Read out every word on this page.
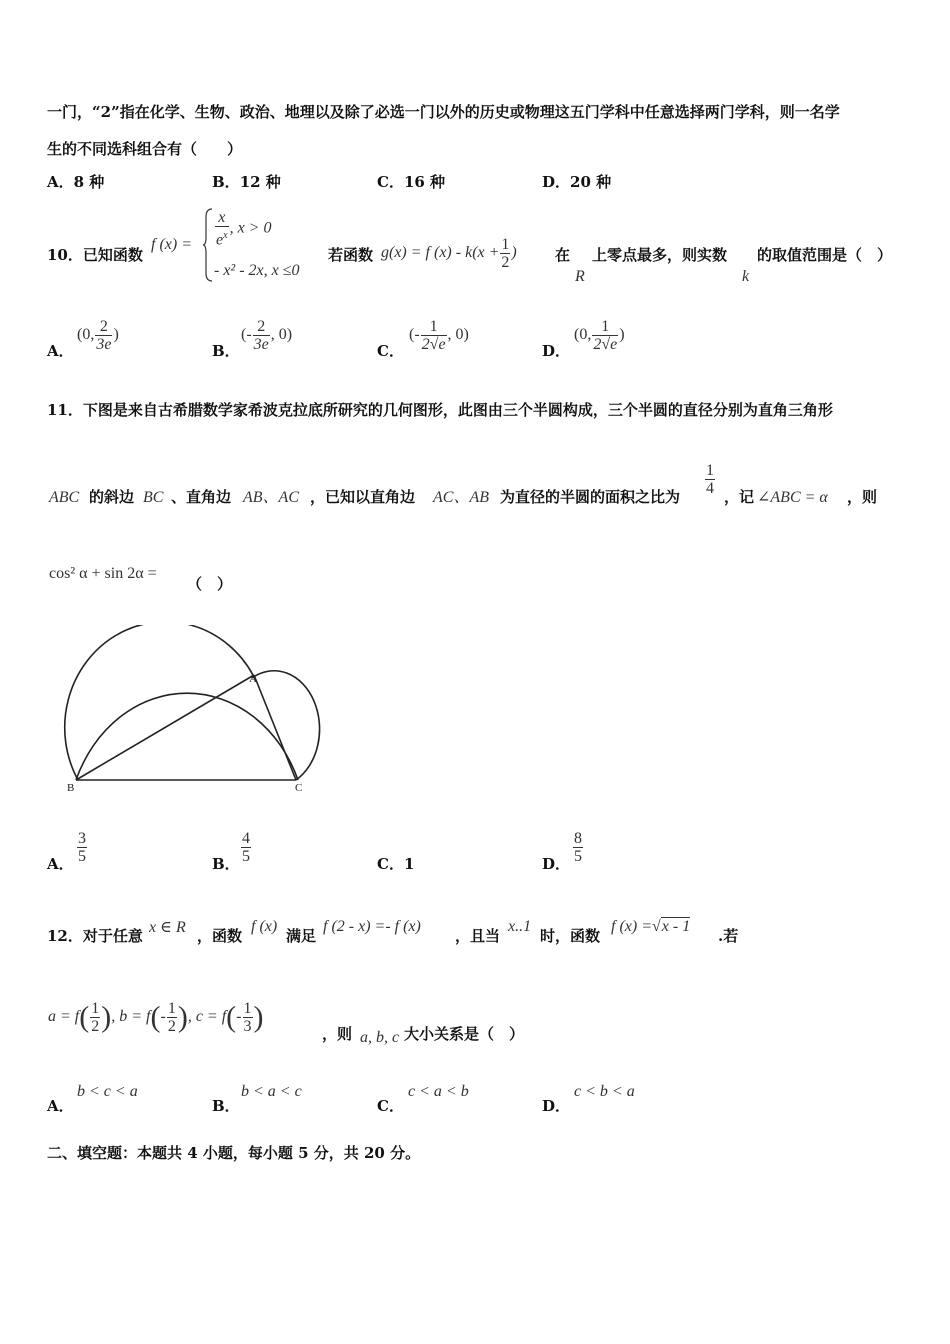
一门，“2”指在化学、生物、政治、地理以及除了必选一门以外的历史或物理这五门学科中任意选择两门学科，则一名学
生的不同选科组合有（　　）
A．8 种	B．12 种	C．16 种	D．20 种
10．已知函数
f $(x) = \frac{x}{e^x}$ , x > 0
- x² - 2x, x ≤0
若函数 g(x) = f $(x) - k(x + \frac{1}{2}$ )	在
R
上零点最多，则实数
k
的取值范围是（　）
A．
(0, $\frac{2}{3e}$ )
B．
(- $\frac{2}{3e}$ , 0)
C．
(- $\frac{1}{2√e}$ , 0)
D．
(0, $\frac{1}{2√e}$ )
11．下图是来自古希腊数学家希波克拉底所研究的几何图形，此图由三个半圆构成，三个半圆的直径分别为直角三角形
ABC 的斜边 BC 、直角边 AB、AC ，已知以直角边 AC、AB 为直径的半圆的面积之比为 $\frac{1}{4}$ ，记 ∠ABC = α ，则
cos² α + sin 2α =
（　）
A
B	C
A． $\frac{3}{5}$	B． $\frac{4}{5}$	C．1	D． $\frac{8}{5}$
12．对于任意 x ∈ R ，函数
f (x)
满足
f (2 - x) =- f (x)
，且当
x..1
时，函数
f (x) =√x - 1
.若
$a = f( \frac{1}{2}$ ), $b = f(- \frac{1}{2}$ ), $c = f(- \frac{1}{3}$ )
，则 a, b, c 大小关系是（　）
A．
b < c < a
B．
b < a < c
C．
c < a < b
D．
c < b < a
二、填空题：本题共 4 小题，每小题 5 分，共 20 分。
